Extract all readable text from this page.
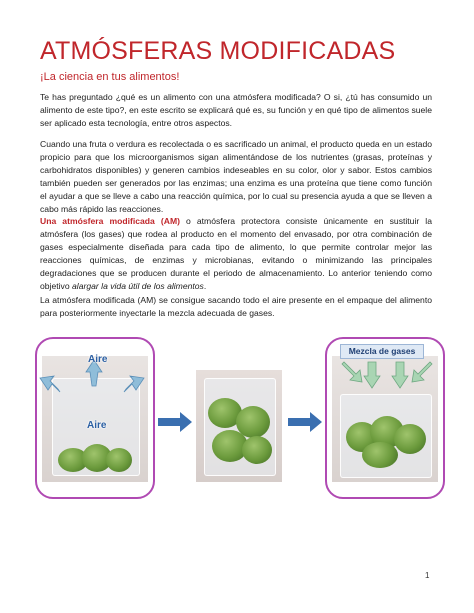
ATMÓSFERAS MODIFICADAS
¡La ciencia en tus alimentos!

Te has preguntado ¿qué es un alimento con una atmósfera modificada? O si, ¿tú has consumido un alimento de este tipo?, en este escrito se explicará qué es, su función y en qué tipo de alimentos suele ser aplicado esta tecnología, entre otros aspectos.

Cuando una fruta o verdura es recolectada o es sacrificado un animal, el producto queda en un estado propicio para que los microorganismos sigan alimentándose de los nutrientes (grasas, proteínas y carbohidratos disponibles) y generen cambios indeseables en su color, olor y sabor. Estos cambios también pueden ser generados por las enzimas; una enzima es una proteína que tiene como función el ayudar a que se lleve a cabo una reacción química, por lo cual su presencia ayuda a que se lleven a cabo más rápido las reacciones.

Una atmósfera modificada (AM) o atmósfera protectora consiste únicamente en sustituir la atmósfera (los gases) que rodea al producto en el momento del envasado, por otra combinación de gases especialmente diseñada para cada tipo de alimento, lo que permite controlar mejor las reacciones químicas, de enzimas y microbianas, evitando o minimizando las principales degradaciones que se producen durante el periodo de almacenamiento. Lo anterior teniendo como objetivo alargar la vida útil de los alimentos.

La atmósfera modificada (AM) se consigue sacando todo el aire presente en el empaque del alimento para posteriormente inyectarle la mezcla adecuada de gases.

Aire
Aire
Mezcla de gases
1
